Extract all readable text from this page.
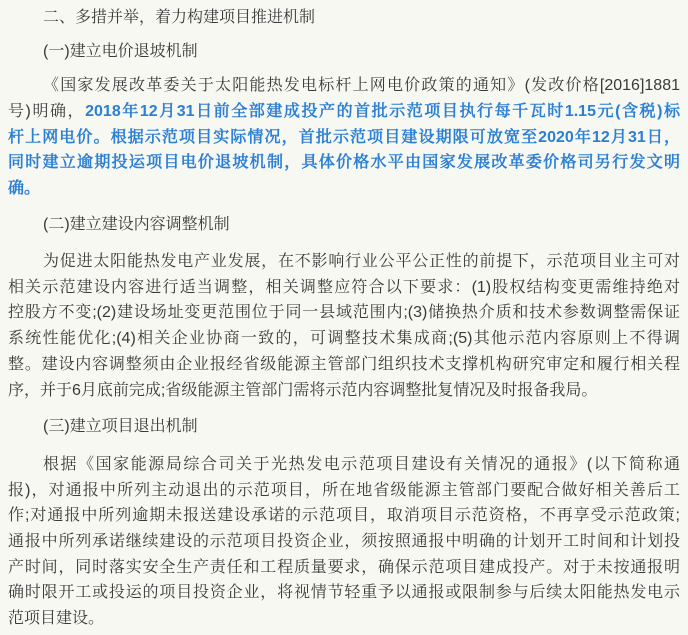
二、多措并举，着力构建项目推进机制
(一)建立电价退坡机制
《国家发展改革委关于太阳能热发电标杆上网电价政策的通知》(发改价格[2016]1881
号)明确，2018年12月31日前全部建成投产的首批示范项目执行每千瓦时1.15元(含税)标
杆上网电价。根据示范项目实际情况，首批示范项目建设期限可放宽至2020年12月31日，
同时建立逾期投运项目电价退坡机制，具体价格水平由国家发展改革委价格司另行发文明
确。
(二)建立建设内容调整机制
为促进太阳能热发电产业发展，在不影响行业公平公正性的前提下，示范项目业主可对
相关示范建设内容进行适当调整，相关调整应符合以下要求：(1)股权结构变更需维持绝对
控股方不变;(2)建设场址变更范围位于同一县域范围内;(3)储换热介质和技术参数调整需保证
系统性能优化;(4)相关企业协商一致的，可调整技术集成商;(5)其他示范内容原则上不得调
整。建设内容调整须由企业报经省级能源主管部门组织技术支撑机构研究审定和履行相关程
序，并于6月底前完成;省级能源主管部门需将示范内容调整批复情况及时报备我局。
(三)建立项目退出机制
根据《国家能源局综合司关于光热发电示范项目建设有关情况的通报》(以下简称通
报)，对通报中所列主动退出的示范项目，所在地省级能源主管部门要配合做好相关善后工
作;对通报中所列逾期未报送建设承诺的示范项目，取消项目示范资格，不再享受示范政策;
通报中所列承诺继续建设的示范项目投资企业，须按照通报中明确的计划开工时间和计划投
产时间，同时落实安全生产责任和工程质量要求，确保示范项目建成投产。对于未按通报明
确时限开工或投运的项目投资企业，将视情节轻重予以通报或限制参与后续太阳能热发电示
范项目建设。
